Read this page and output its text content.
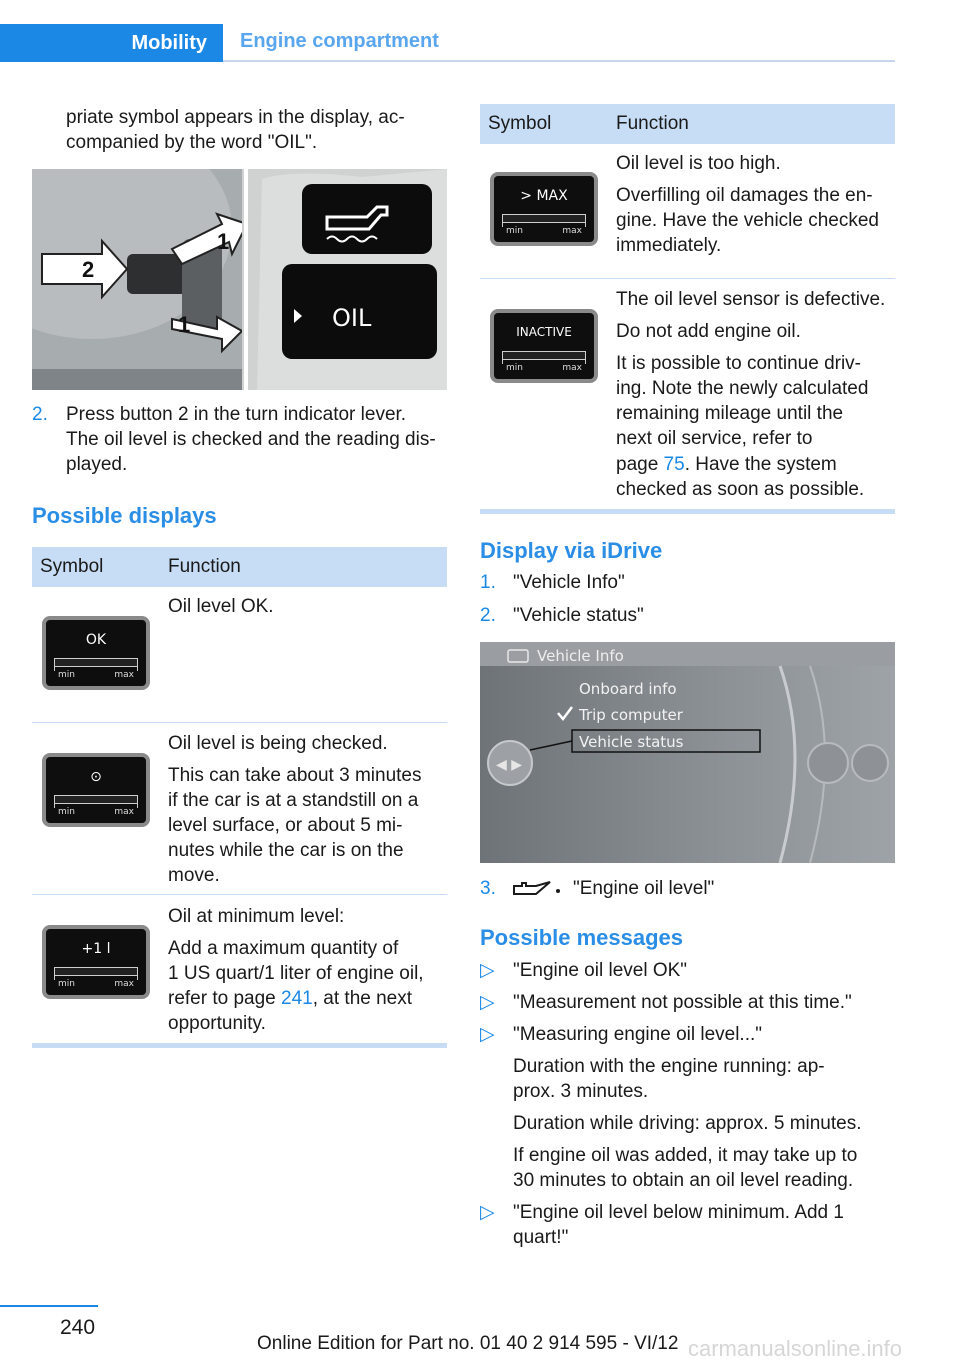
Mobility	Engine compartment
priate symbol appears in the display, ac-
companied by the word "OIL".
2
1
1	OIL
2. Press button 2 in the turn indicator lever.
The oil level is checked and the reading dis-
played.
Possible displays
Symbol	Function
OK
min	max
Oil level OK.
⊙
min	max
Oil level is being checked.
This can take about 3 minutes
if the car is at a standstill on a
level surface, or about 5 mi-
nutes while the car is on the
move.
+1 l
min	max
Oil at minimum level:
Add a maximum quantity of
1 US quart/1 liter of engine oil,
refer to page 241, at the next
opportunity.
Symbol	Function
> MAX
min	max
Oil level is too high.
Overfilling oil damages the en-
gine. Have the vehicle checked
immediately.
INACTIVE
min	max
The oil level sensor is defective.
Do not add engine oil.
It is possible to continue driv-
ing. Note the newly calculated
remaining mileage until the
next oil service, refer to
page 75. Have the system
checked as soon as possible.
Display via iDrive
1. "Vehicle Info"
2. "Vehicle status"
Vehicle Info
Onboard info
Trip computer
Vehicle status
◀ ▶
3.	"Engine oil level"
Possible messages
▷ "Engine oil level OK"
▷ "Measurement not possible at this time."
▷ "Measuring engine oil level..."
Duration with the engine running: ap-
prox. 3 minutes.
Duration while driving: approx. 5 minutes.
If engine oil was added, it may take up to
30 minutes to obtain an oil level reading.
▷ "Engine oil level below minimum. Add 1
quart!"
240
Online Edition for Part no. 01 40 2 914 595 - VI/12 carmanualsonline.info
